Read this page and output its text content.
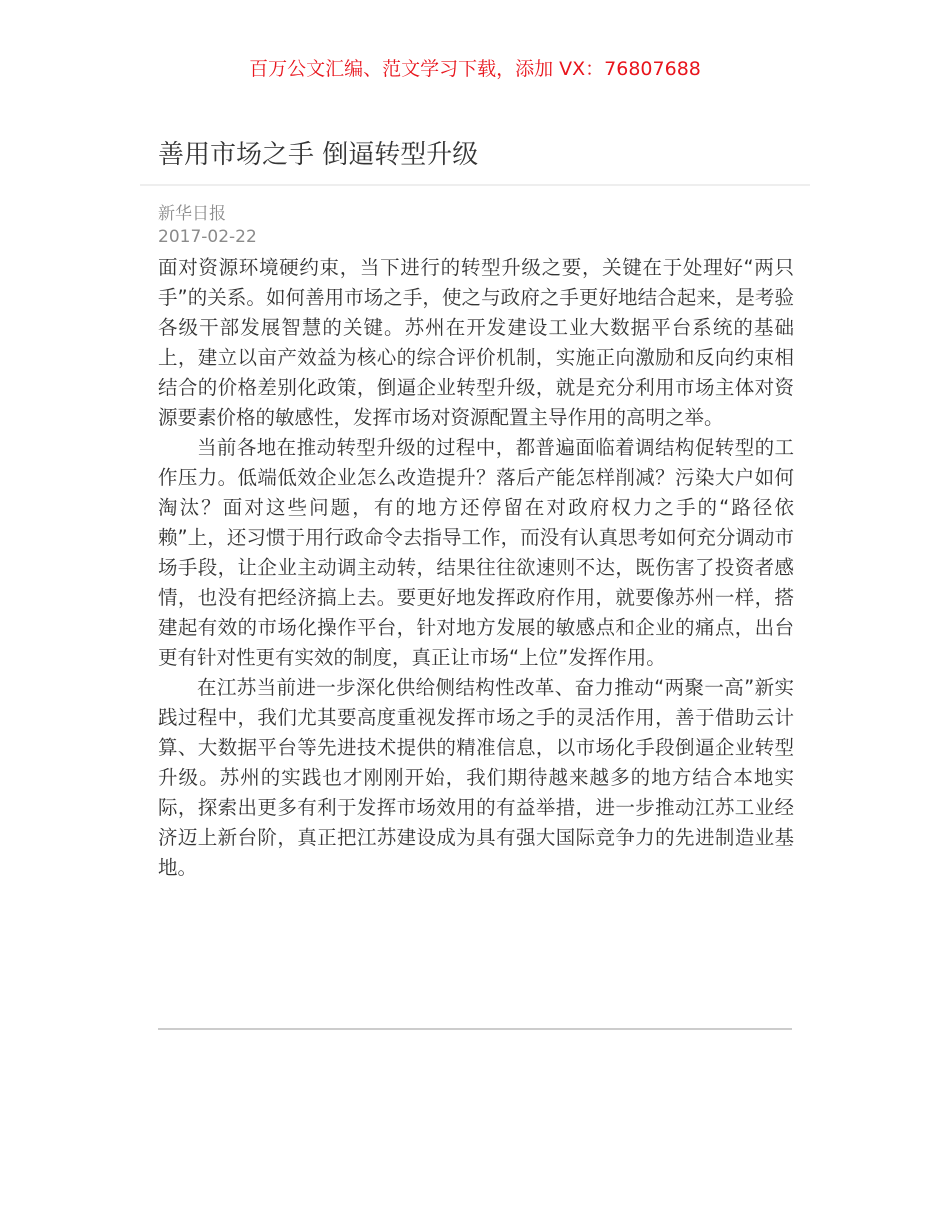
百万公文汇编、范文学习下载，添加 VX：76807688
善用市场之手 倒逼转型升级
新华日报
2017-02-22

面对资源环境硬约束，当下进行的转型升级之要，关键在于处理好“两只手”的关系。如何善用市场之手，使之与政府之手更好地结合起来，是考验各级干部发展智慧的关键。苏州在开发建设工业大数据平台系统的基础上，建立以亩产效益为核心的综合评价机制，实施正向激励和反向约束相结合的价格差别化政策，倒逼企业转型升级，就是充分利用市场主体对资源要素价格的敏感性，发挥市场对资源配置主导作用的高明之举。

当前各地在推动转型升级的过程中，都普遍面临着调结构促转型的工作压力。低端低效企业怎么改造提升？落后产能怎样削减？污染大户如何淘汰？面对这些问题，有的地方还停留在对政府权力之手的“路径依赖”上，还习惯于用行政命令去指导工作，而没有认真思考如何充分调动市场手段，让企业主动调主动转，结果往往欲速则不达，既伤害了投资者感情，也没有把经济搞上去。要更好地发挥政府作用，就要像苏州一样，搭建起有效的市场化操作平台，针对地方发展的敏感点和企业的痛点，出台更有针对性更有实效的制度，真正让市场“上位”发挥作用。

在江苏当前进一步深化供给侧结构性改革、奋力推动“两聚一高”新实践过程中，我们尤其要高度重视发挥市场之手的灵活作用，善于借助云计算、大数据平台等先进技术提供的精准信息，以市场化手段倒逼企业转型升级。苏州的实践也才刚刚开始，我们期待越来越多的地方结合本地实际，探索出更多有利于发挥市场效用的有益举措，进一步推动江苏工业经济迈上新台阶，真正把江苏建设成为具有强大国际竞争力的先进制造业基地。
